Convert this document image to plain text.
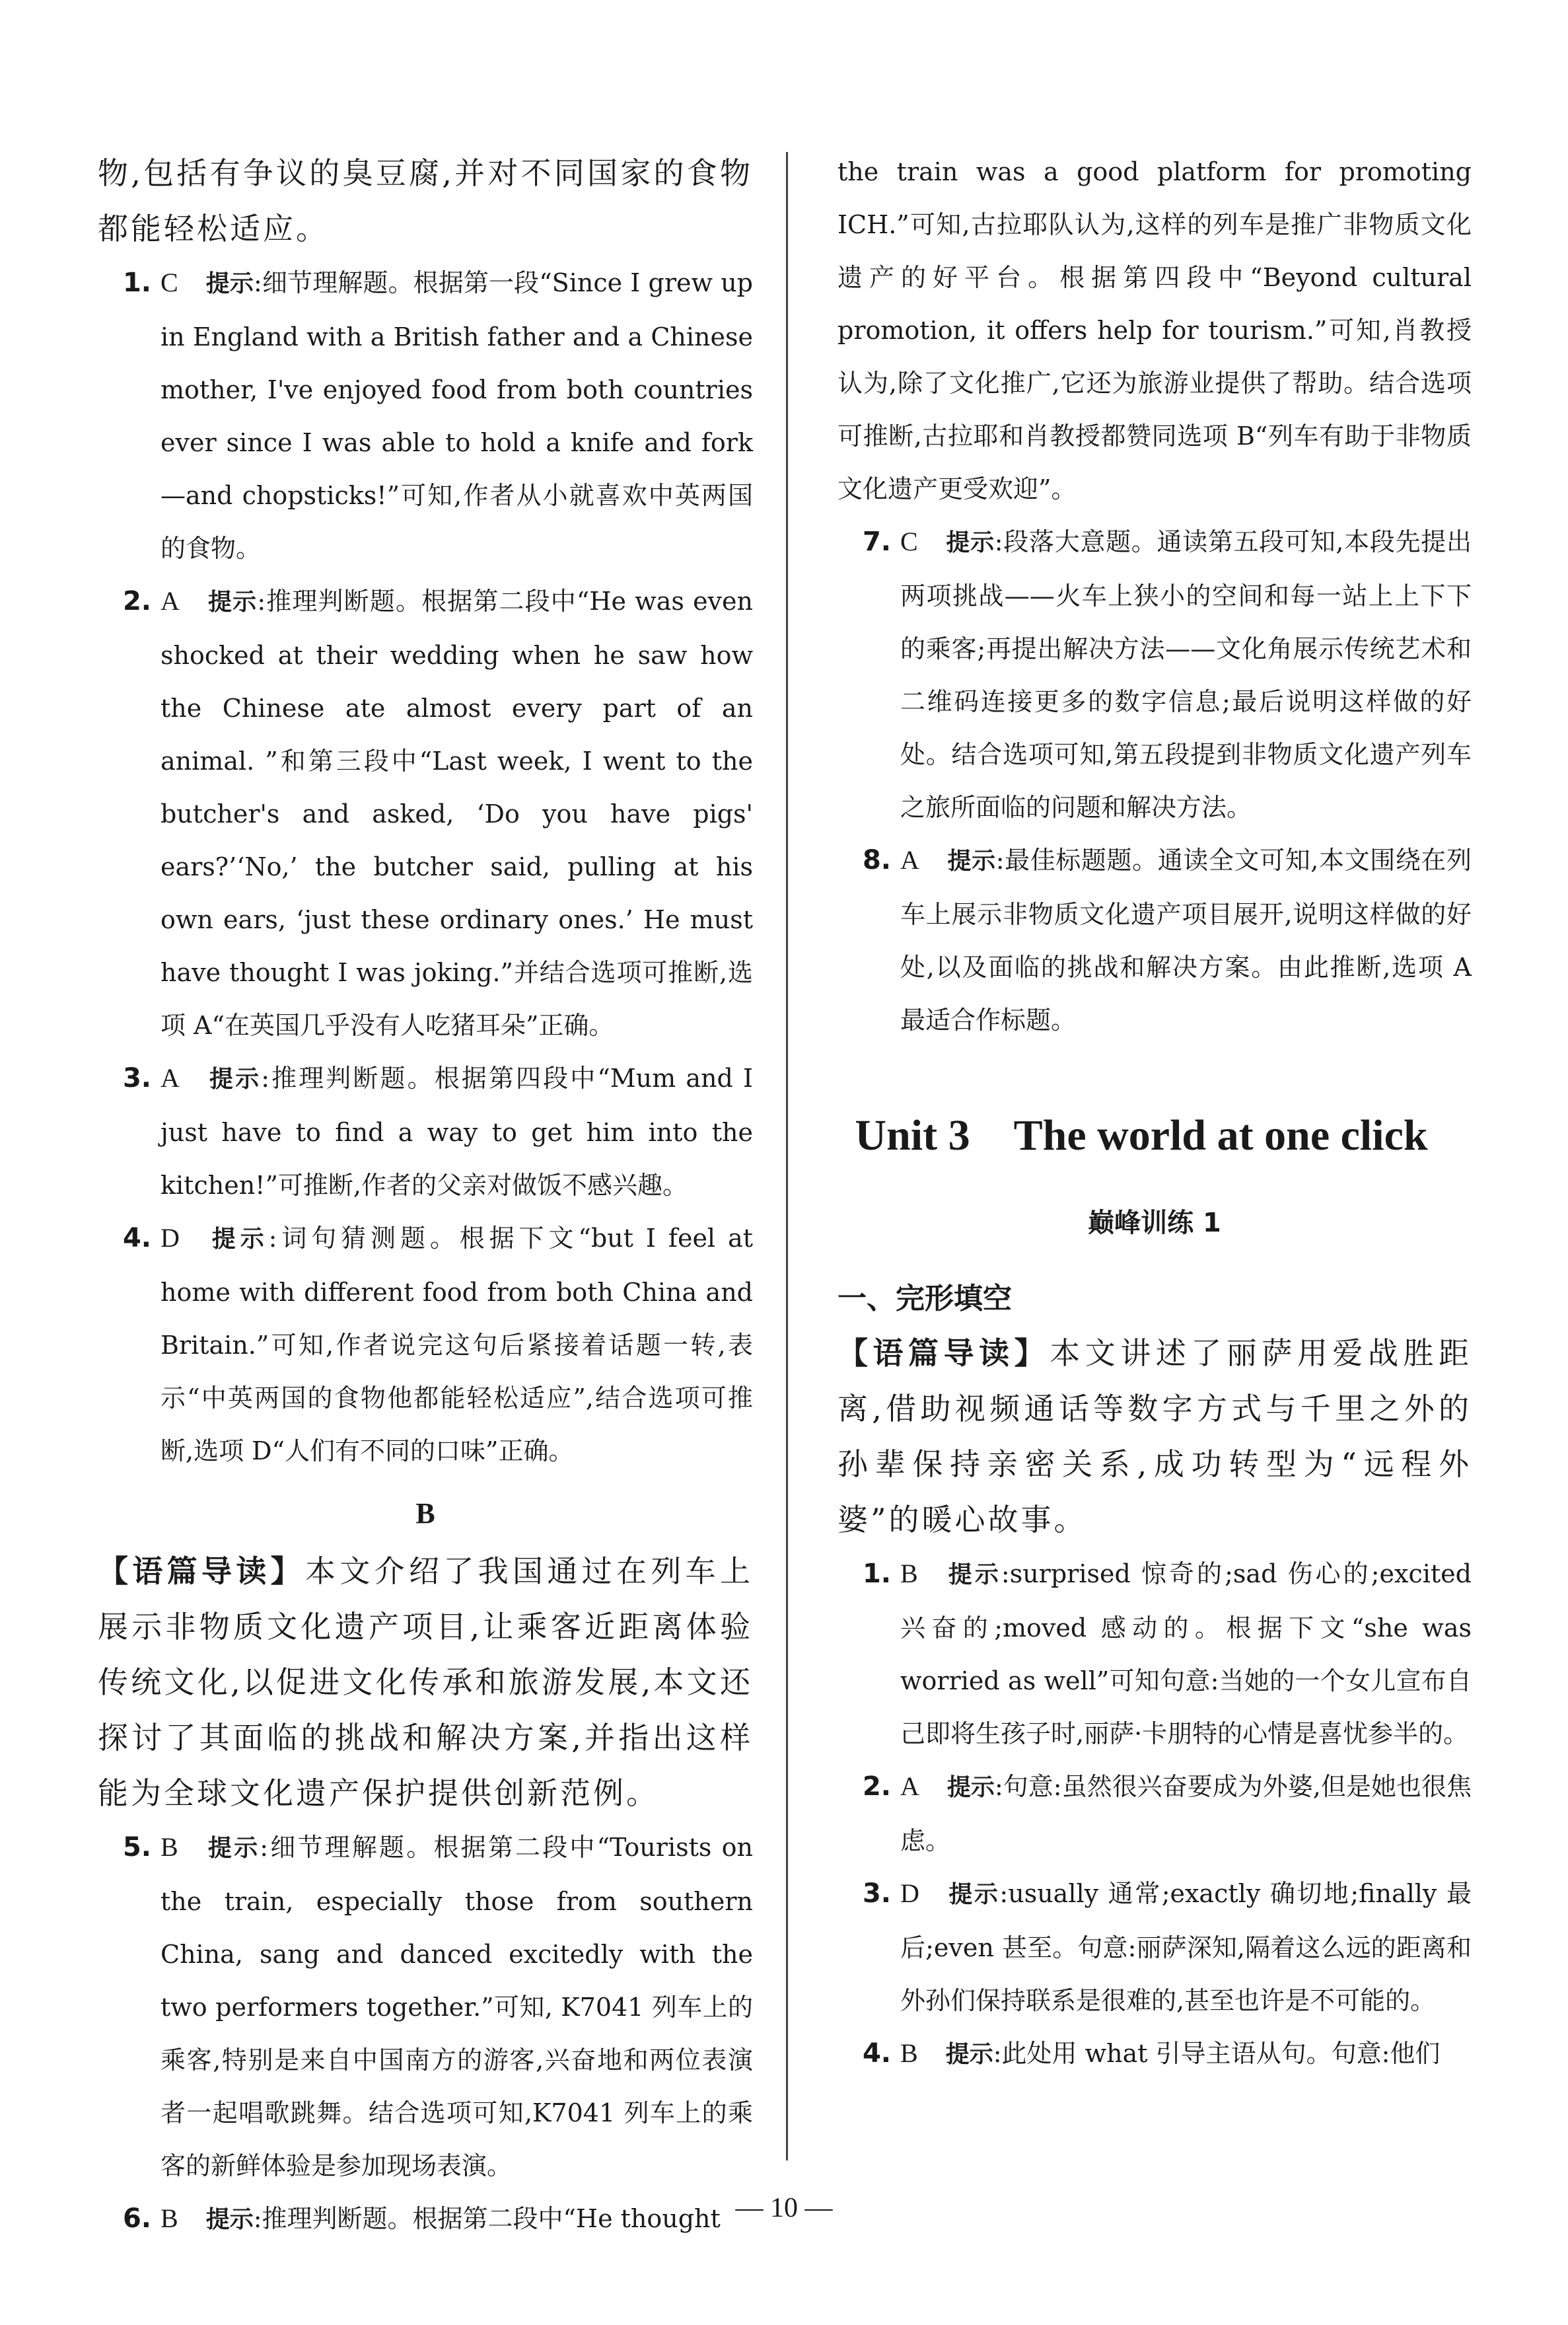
物,包括有争议的臭豆腐,并对不同国家的食物都能轻松适应。

1. C 提示:细节理解题。根据第一段“Since I grew up in England with a British father and a Chinese mother, I've enjoyed food from both countries ever since I was able to hold a knife and fork—and chopsticks!”可知,作者从小就喜欢中英两国的食物。
2. A 提示:推理判断题。根据第二段中“He was even shocked at their wedding when he saw how the Chinese ate almost every part of an animal. ”和第三段中“Last week, I went to the butcher's and asked, ‘Do you have pigs' ears?’‘No,’ the butcher said, pulling at his own ears, ‘just these ordinary ones.’ He must have thought I was joking.”并结合选项可推断,选项 A“在英国几乎没有人吃猪耳朵”正确。
3. A 提示:推理判断题。根据第四段中“Mum and I just have to find a way to get him into the kitchen!”可推断,作者的父亲对做饭不感兴趣。
4. D 提示:词句猜测题。根据下文“but I feel at home with different food from both China and Britain.”可知,作者说完这句后紧接着话题一转,表示“中英两国的食物他都能轻松适应”,结合选项可推断,选项 D“人们有不同的口味”正确。
B

【语篇导读】本文介绍了我国通过在列车上展示非物质文化遗产项目,让乘客近距离体验传统文化,以促进文化传承和旅游发展,本文还探讨了其面临的挑战和解决方案,并指出这样能为全球文化遗产保护提供创新范例。

5. B 提示:细节理解题。根据第二段中“Tourists on the train, especially those from southern China, sang and danced excitedly with the two performers together.”可知, K7041 列车上的乘客,特别是来自中国南方的游客,兴奋地和两位表演者一起唱歌跳舞。结合选项可知,K7041 列车上的乘客的新鲜体验是参加现场表演。
6. B 提示:推理判断题。根据第二段中“He thought

the train was a good platform for promoting ICH.”可知,古拉耶队认为,这样的列车是推广非物质文化遗产的好平台。根据第四段中“Beyond cultural promotion, it offers help for tourism.”可知,肖教授认为,除了文化推广,它还为旅游业提供了帮助。结合选项可推断,古拉耶和肖教授都赞同选项 B“列车有助于非物质文化遗产更受欢迎”。

7. C 提示:段落大意题。通读第五段可知,本段先提出两项挑战——火车上狭小的空间和每一站上上下下的乘客;再提出解决方法——文化角展示传统艺术和二维码连接更多的数字信息;最后说明这样做的好处。结合选项可知,第五段提到非物质文化遗产列车之旅所面临的问题和解决方法。
8. A 提示:最佳标题题。通读全文可知,本文围绕在列车上展示非物质文化遗产项目展开,说明这样做的好处,以及面临的挑战和解决方案。由此推断,选项 A 最适合作标题。
Unit 3　The world at one click
巅峰训练 1
一、完形填空

【语篇导读】本文讲述了丽萨用爱战胜距离,借助视频通话等数字方式与千里之外的孙辈保持亲密关系,成功转型为“远程外婆”的暖心故事。

1. B 提示:surprised 惊奇的;sad 伤心的;excited 兴奋的;moved 感动的。根据下文“she was worried as well”可知句意:当她的一个女儿宣布自己即将生孩子时,丽萨·卡朋特的心情是喜忧参半的。
2. A 提示:句意:虽然很兴奋要成为外婆,但是她也很焦虑。
3. D 提示:usually 通常;exactly 确切地;finally 最后;even 甚至。句意:丽萨深知,隔着这么远的距离和外孙们保持联系是很难的,甚至也许是不可能的。
4. B 提示:此处用 what 引导主语从句。句意:他们
— 10 —
